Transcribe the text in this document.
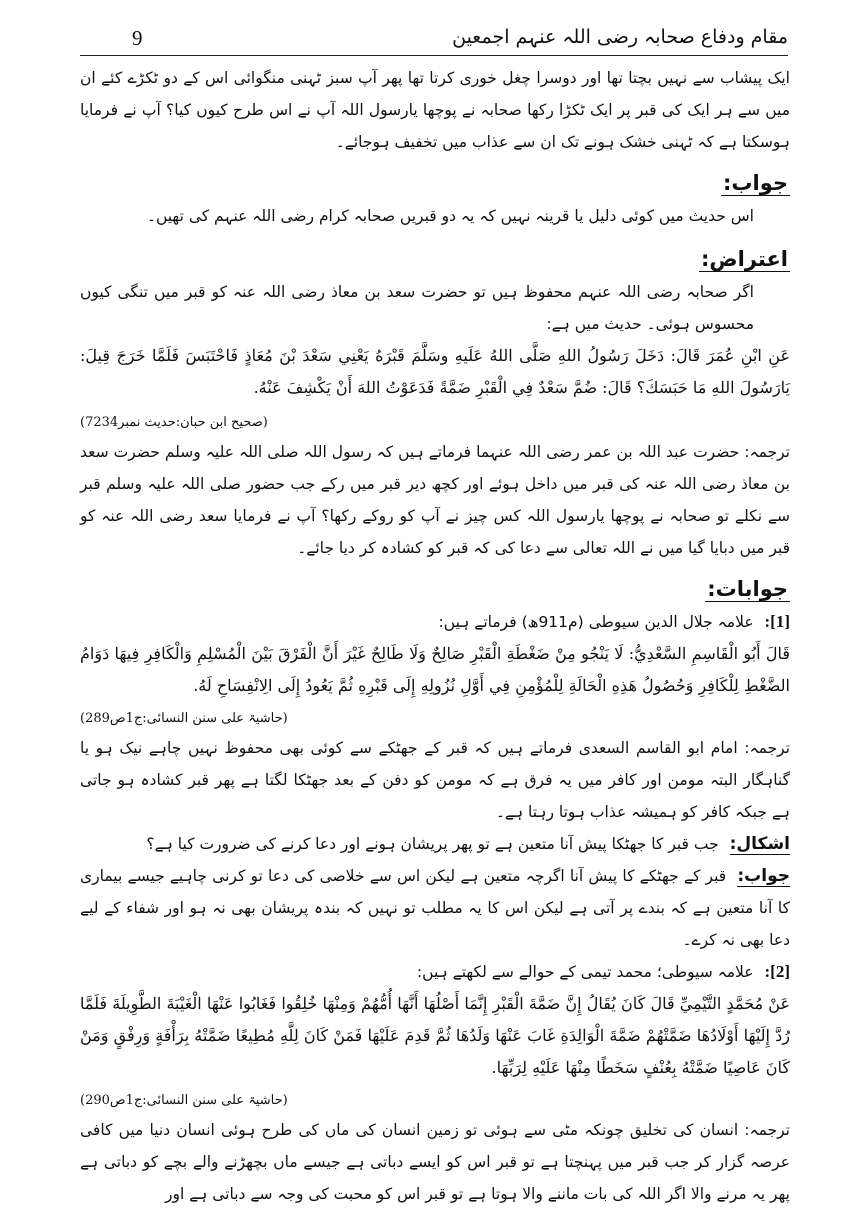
مقام ودفاع صحابہ رضی اللہ عنہم اجمعین
9

ایک پیشاب سے نہیں بچتا تھا اور دوسرا چغل خوری کرتا تھا پھر آپ سبز ٹہنی منگوائی اس کے دو ٹکڑے کئے ان میں سے ہر ایک کی قبر پر ایک ٹکڑا رکھا صحابہ نے پوچھا یارسول اللہ آپ نے اس طرح کیوں کیا؟ آپ نے فرمایا ہوسکتا ہے کہ ٹہنی خشک ہونے تک ان سے عذاب میں تخفیف ہوجائے۔

جواب:

اس حدیث میں کوئی دلیل یا قرینہ نہیں کہ یہ دو قبریں صحابہ کرام رضی اللہ عنہم کی تھیں۔

اعتراض:

اگر صحابہ رضی اللہ عنہم محفوظ ہیں تو حضرت سعد بن معاذ رضی اللہ عنہ کو قبر میں تنگی کیوں محسوس ہوئی۔ حدیث میں ہے:

عَنِ ابْنِ عُمَرَ قَالَ: دَخَلَ رَسُولُ اللهِ صَلَّى اللهُ عَلَيهِ وسَلَّمَ قَبْرَهُ يَعْنِي سَعْدَ بْنَ مُعَاذٍ فَاحْتَبَسَ فَلَمَّا خَرَجَ قِيلَ: يَارَسُولَ اللهِ مَا حَبَسَكَ؟ قَالَ: ضُمَّ سَعْدٌ فِي الْقَبْرِ ضَمَّةً فَدَعَوْتُ اللهَ أَنْ يَكْشِفَ عَنْهُ.

(صحیح ابن حبان:حدیث نمبر7234)

ترجمہ: حضرت عبد اللہ بن عمر رضی اللہ عنہما فرماتے ہیں کہ رسول اللہ صلی اللہ علیہ وسلم حضرت سعد بن معاذ رضی اللہ عنہ کی قبر میں داخل ہوئے اور کچھ دیر قبر میں رکے جب حضور صلی اللہ علیہ وسلم قبر سے نکلے تو صحابہ نے پوچھا یارسول اللہ کس چیز نے آپ کو روکے رکھا؟ آپ نے فرمایا سعد رضی اللہ عنہ کو قبر میں دبایا گیا میں نے اللہ تعالی سے دعا کی کہ قبر کو کشادہ کر دیا جائے۔

جوابات:

[1]: علامہ جلال الدین سیوطی (م911ھ) فرماتے ہیں:

قَالَ أَبُو الْقَاسِمِ السَّعْدِيُّ: لَا يَنْجُو مِنْ ضَغْطَةِ الْقَبْرِ صَالِحٌ وَلَا طَالِحٌ غَيْرَ أَنَّ الْفَرْقَ بَيْنَ الْمُسْلِمِ وَالْكَافِرِ فِيهَا دَوَامُ الضَّغْطِ لِلْكَافِرِ وَحُصُولُ هَذِهِ الْحَالَةِ لِلْمُؤْمِنِ فِي أَوَّلِ نُزُولِهِ إِلَى قَبْرِهِ ثُمَّ يَعُودُ إِلَى الِانْفِسَاحِ لَهُ.

(حاشیۃ علی سنن النسائی:ج1ص289)

ترجمہ: امام ابو القاسم السعدی فرماتے ہیں کہ قبر کے جھٹکے سے کوئی بھی محفوظ نہیں چاہے نیک ہو یا گناہگار البتہ مومن اور کافر میں یہ فرق ہے کہ مومن کو دفن کے بعد جھٹکا لگتا ہے پھر قبر کشادہ ہو جاتی ہے جبکہ کافر کو ہمیشہ عذاب ہوتا رہتا ہے۔

اشکال: جب قبر کا جھٹکا پیش آنا متعین ہے تو پھر پریشان ہونے اور دعا کرنے کی ضرورت کیا ہے؟

جواب: قبر کے جھٹکے کا پیش آنا اگرچہ متعین ہے لیکن اس سے خلاصی کی دعا تو کرنی چاہیے جیسے بیماری کا آنا متعین ہے کہ بندے پر آتی ہے لیکن اس کا یہ مطلب تو نہیں کہ بندہ پریشان بھی نہ ہو اور شفاء کے لیے دعا بھی نہ کرے۔

[2]: علامہ سیوطی؛ محمد تیمی کے حوالے سے لکھتے ہیں:

عَنْ مُحَمَّدٍ التَّيْمِيِّ قَالَ كَانَ يُقَالُ إِنَّ ضَمَّةَ الْقَبْرِ إِنَّمَا أَصْلُهَا أَنَّهَا أُمُّهُمْ وَمِنْهَا خُلِقُوا فَغَابُوا عَنْهَا الْغَيْبَةَ الطَّوِيلَةَ فَلَمَّا رُدَّ إِلَيْهَا أَوْلَادُهَا ضَمَّتْهُمْ ضَمَّةَ الْوَالِدَةِ غَابَ عَنْهَا وَلَدُهَا ثُمَّ قَدِمَ عَلَيْهَا فَمَنْ كَانَ لِلَّهِ مُطِيعًا ضَمَّتْهُ بِرَأْفَةٍ وَرِفْقٍ وَمَنْ كَانَ عَاصِيًا ضَمَّتْهُ بِعُنْفٍ سَخَطًا مِنْهَا عَلَيْهِ لِرَبِّهَا.

(حاشیۃ علی سنن النسائی:ج1ص290)

ترجمہ: انسان کی تخلیق چونکہ مٹی سے ہوئی تو زمین انسان کی ماں کی طرح ہوئی انسان دنیا میں کافی عرصہ گزار کر جب قبر میں پہنچتا ہے تو قبر اس کو ایسے دباتی ہے جیسے ماں بچھڑنے والے بچے کو دباتی ہے پھر یہ مرنے والا اگر اللہ کی بات ماننے والا ہوتا ہے تو قبر اس کو محبت کی وجہ سے دباتی ہے اور
